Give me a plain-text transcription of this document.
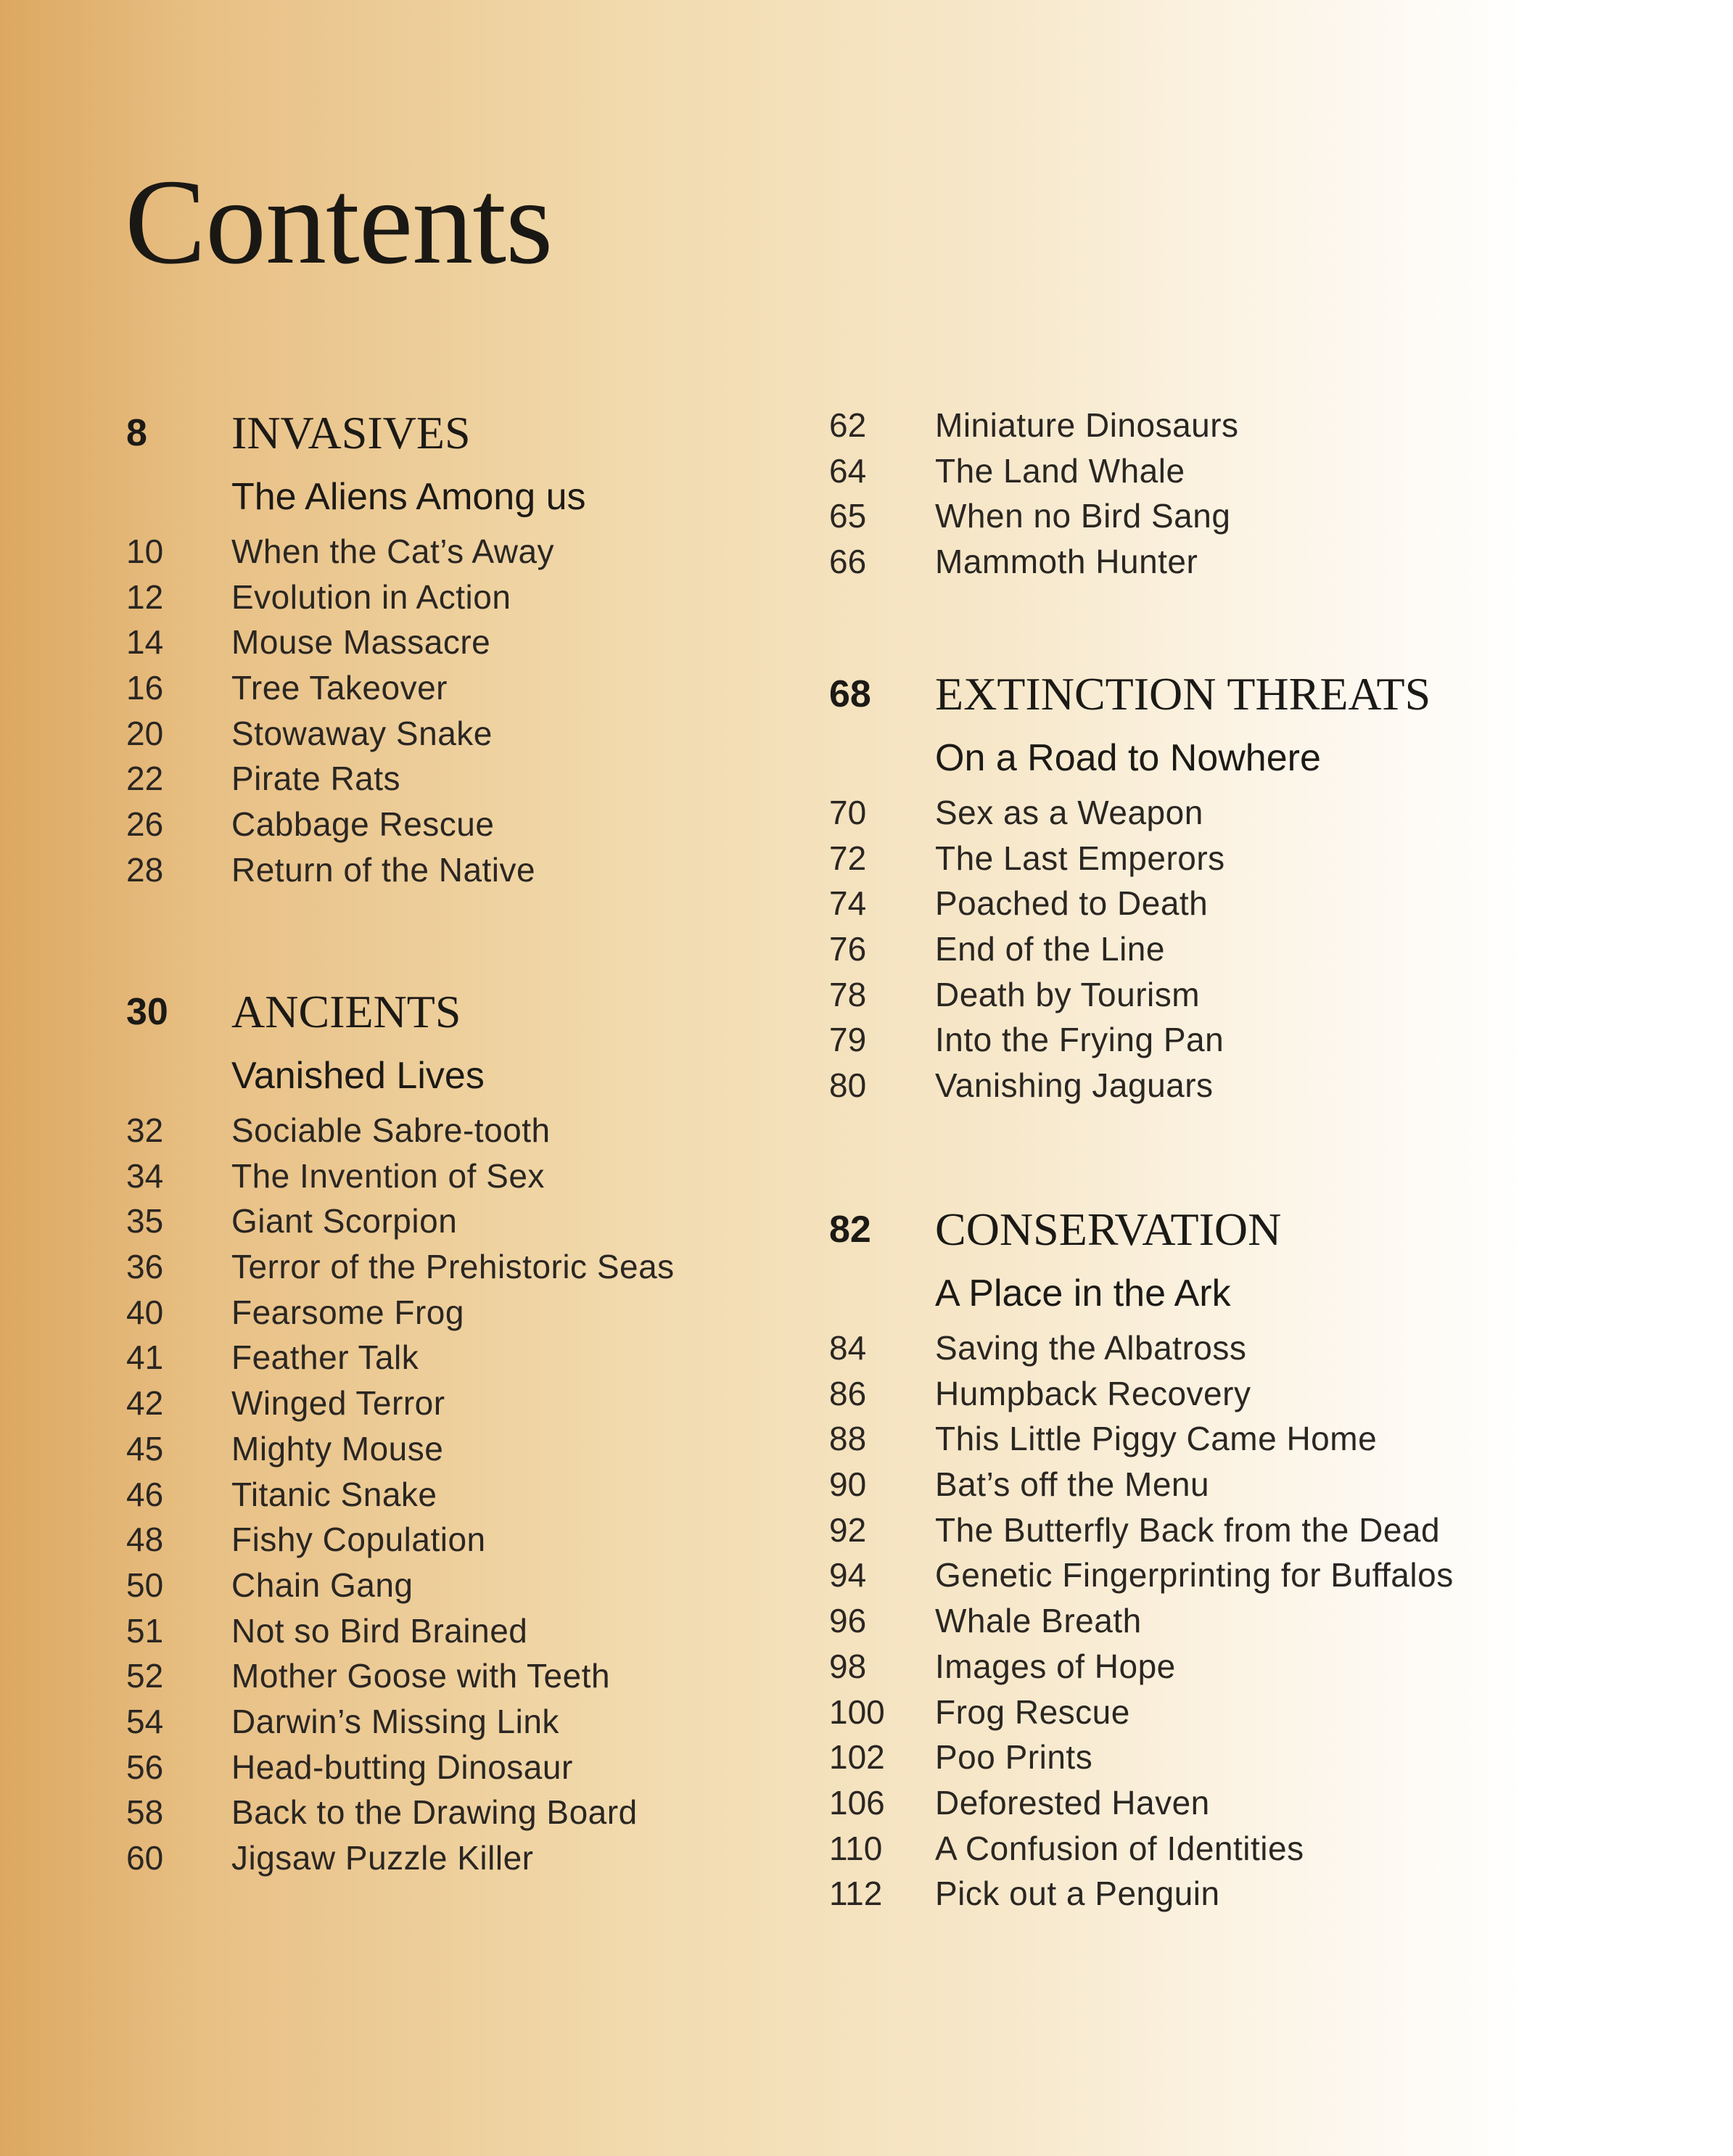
Contents
8 INVASIVES
The Aliens Among us
10 When the Cat’s Away
12 Evolution in Action
14 Mouse Massacre
16 Tree Takeover
20 Stowaway Snake
22 Pirate Rats
26 Cabbage Rescue
28 Return of the Native
30 ANCIENTS
Vanished Lives
32 Sociable Sabre-tooth
34 The Invention of Sex
35 Giant Scorpion
36 Terror of the Prehistoric Seas
40 Fearsome Frog
41 Feather Talk
42 Winged Terror
45 Mighty Mouse
46 Titanic Snake
48 Fishy Copulation
50 Chain Gang
51 Not so Bird Brained
52 Mother Goose with Teeth
54 Darwin’s Missing Link
56 Head-butting Dinosaur
58 Back to the Drawing Board
60 Jigsaw Puzzle Killer
62 Miniature Dinosaurs
64 The Land Whale
65 When no Bird Sang
66 Mammoth Hunter
68 EXTINCTION THREATS
On a Road to Nowhere
70 Sex as a Weapon
72 The Last Emperors
74 Poached to Death
76 End of the Line
78 Death by Tourism
79 Into the Frying Pan
80 Vanishing Jaguars
82 CONSERVATION
A Place in the Ark
84 Saving the Albatross
86 Humpback Recovery
88 This Little Piggy Came Home
90 Bat’s off the Menu
92 The Butterfly Back from the Dead
94 Genetic Fingerprinting for Buffalos
96 Whale Breath
98 Images of Hope
100 Frog Rescue
102 Poo Prints
106 Deforested Haven
110 A Confusion of Identities
112 Pick out a Penguin
